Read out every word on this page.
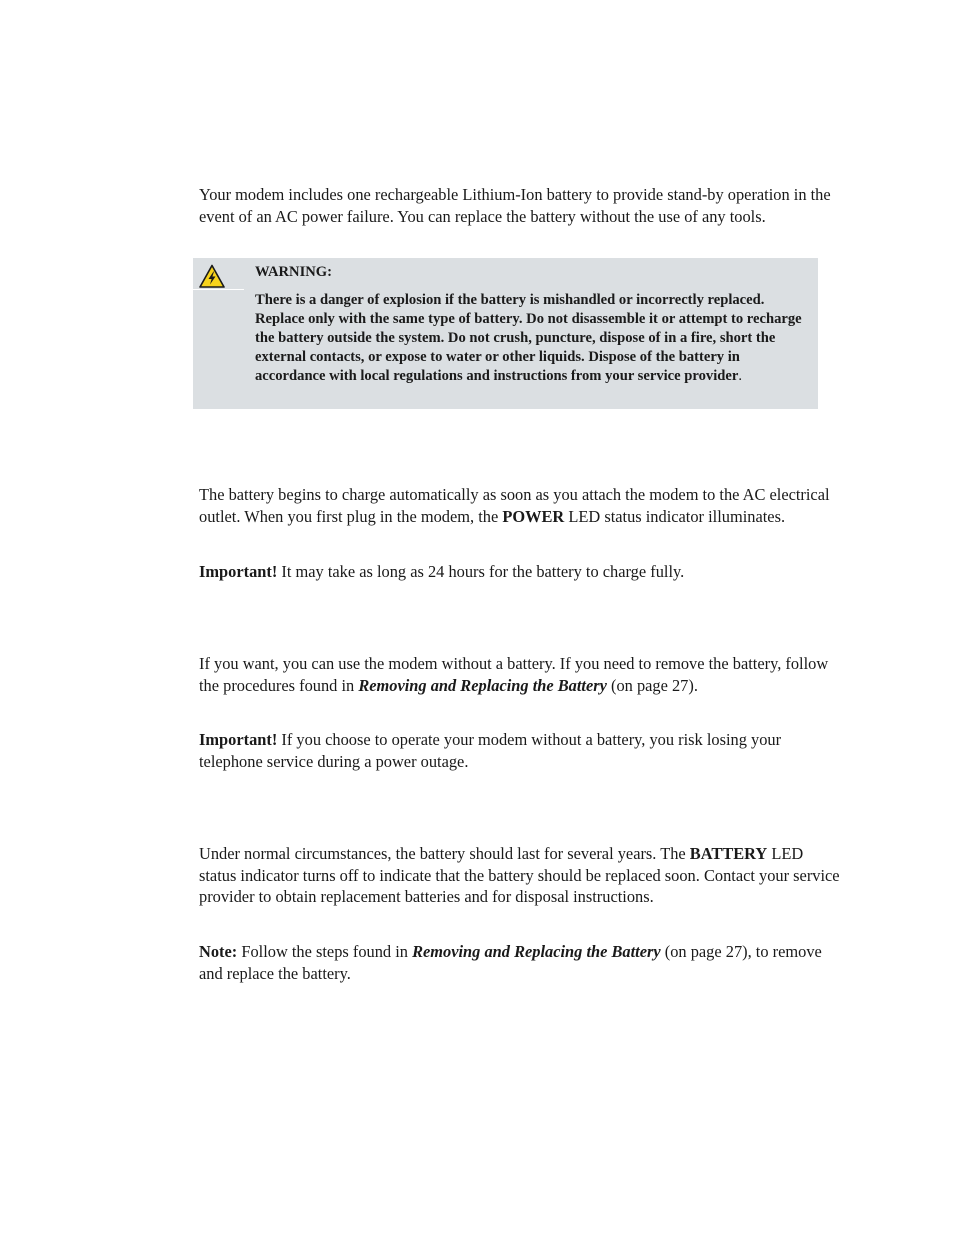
Your modem includes one rechargeable Lithium-Ion battery to provide stand-by operation in the event of an AC power failure. You can replace the battery without the use of any tools.

WARNING:

There is a danger of explosion if the battery is mishandled or incorrectly replaced. Replace only with the same type of battery. Do not disassemble it or attempt to recharge the battery outside the system. Do not crush, puncture, dispose of in a fire, short the external contacts, or expose to water or other liquids. Dispose of the battery in accordance with local regulations and instructions from your service provider.

The battery begins to charge automatically as soon as you attach the modem to the AC electrical outlet. When you first plug in the modem, the POWER LED status indicator illuminates.

Important! It may take as long as 24 hours for the battery to charge fully.

If you want, you can use the modem without a battery. If you need to remove the battery, follow the procedures found in Removing and Replacing the Battery (on page 27).

Important! If you choose to operate your modem without a battery, you risk losing your telephone service during a power outage.

Under normal circumstances, the battery should last for several years. The BATTERY LED status indicator turns off to indicate that the battery should be replaced soon. Contact your service provider to obtain replacement batteries and for disposal instructions.

Note: Follow the steps found in Removing and Replacing the Battery (on page 27), to remove and replace the battery.
